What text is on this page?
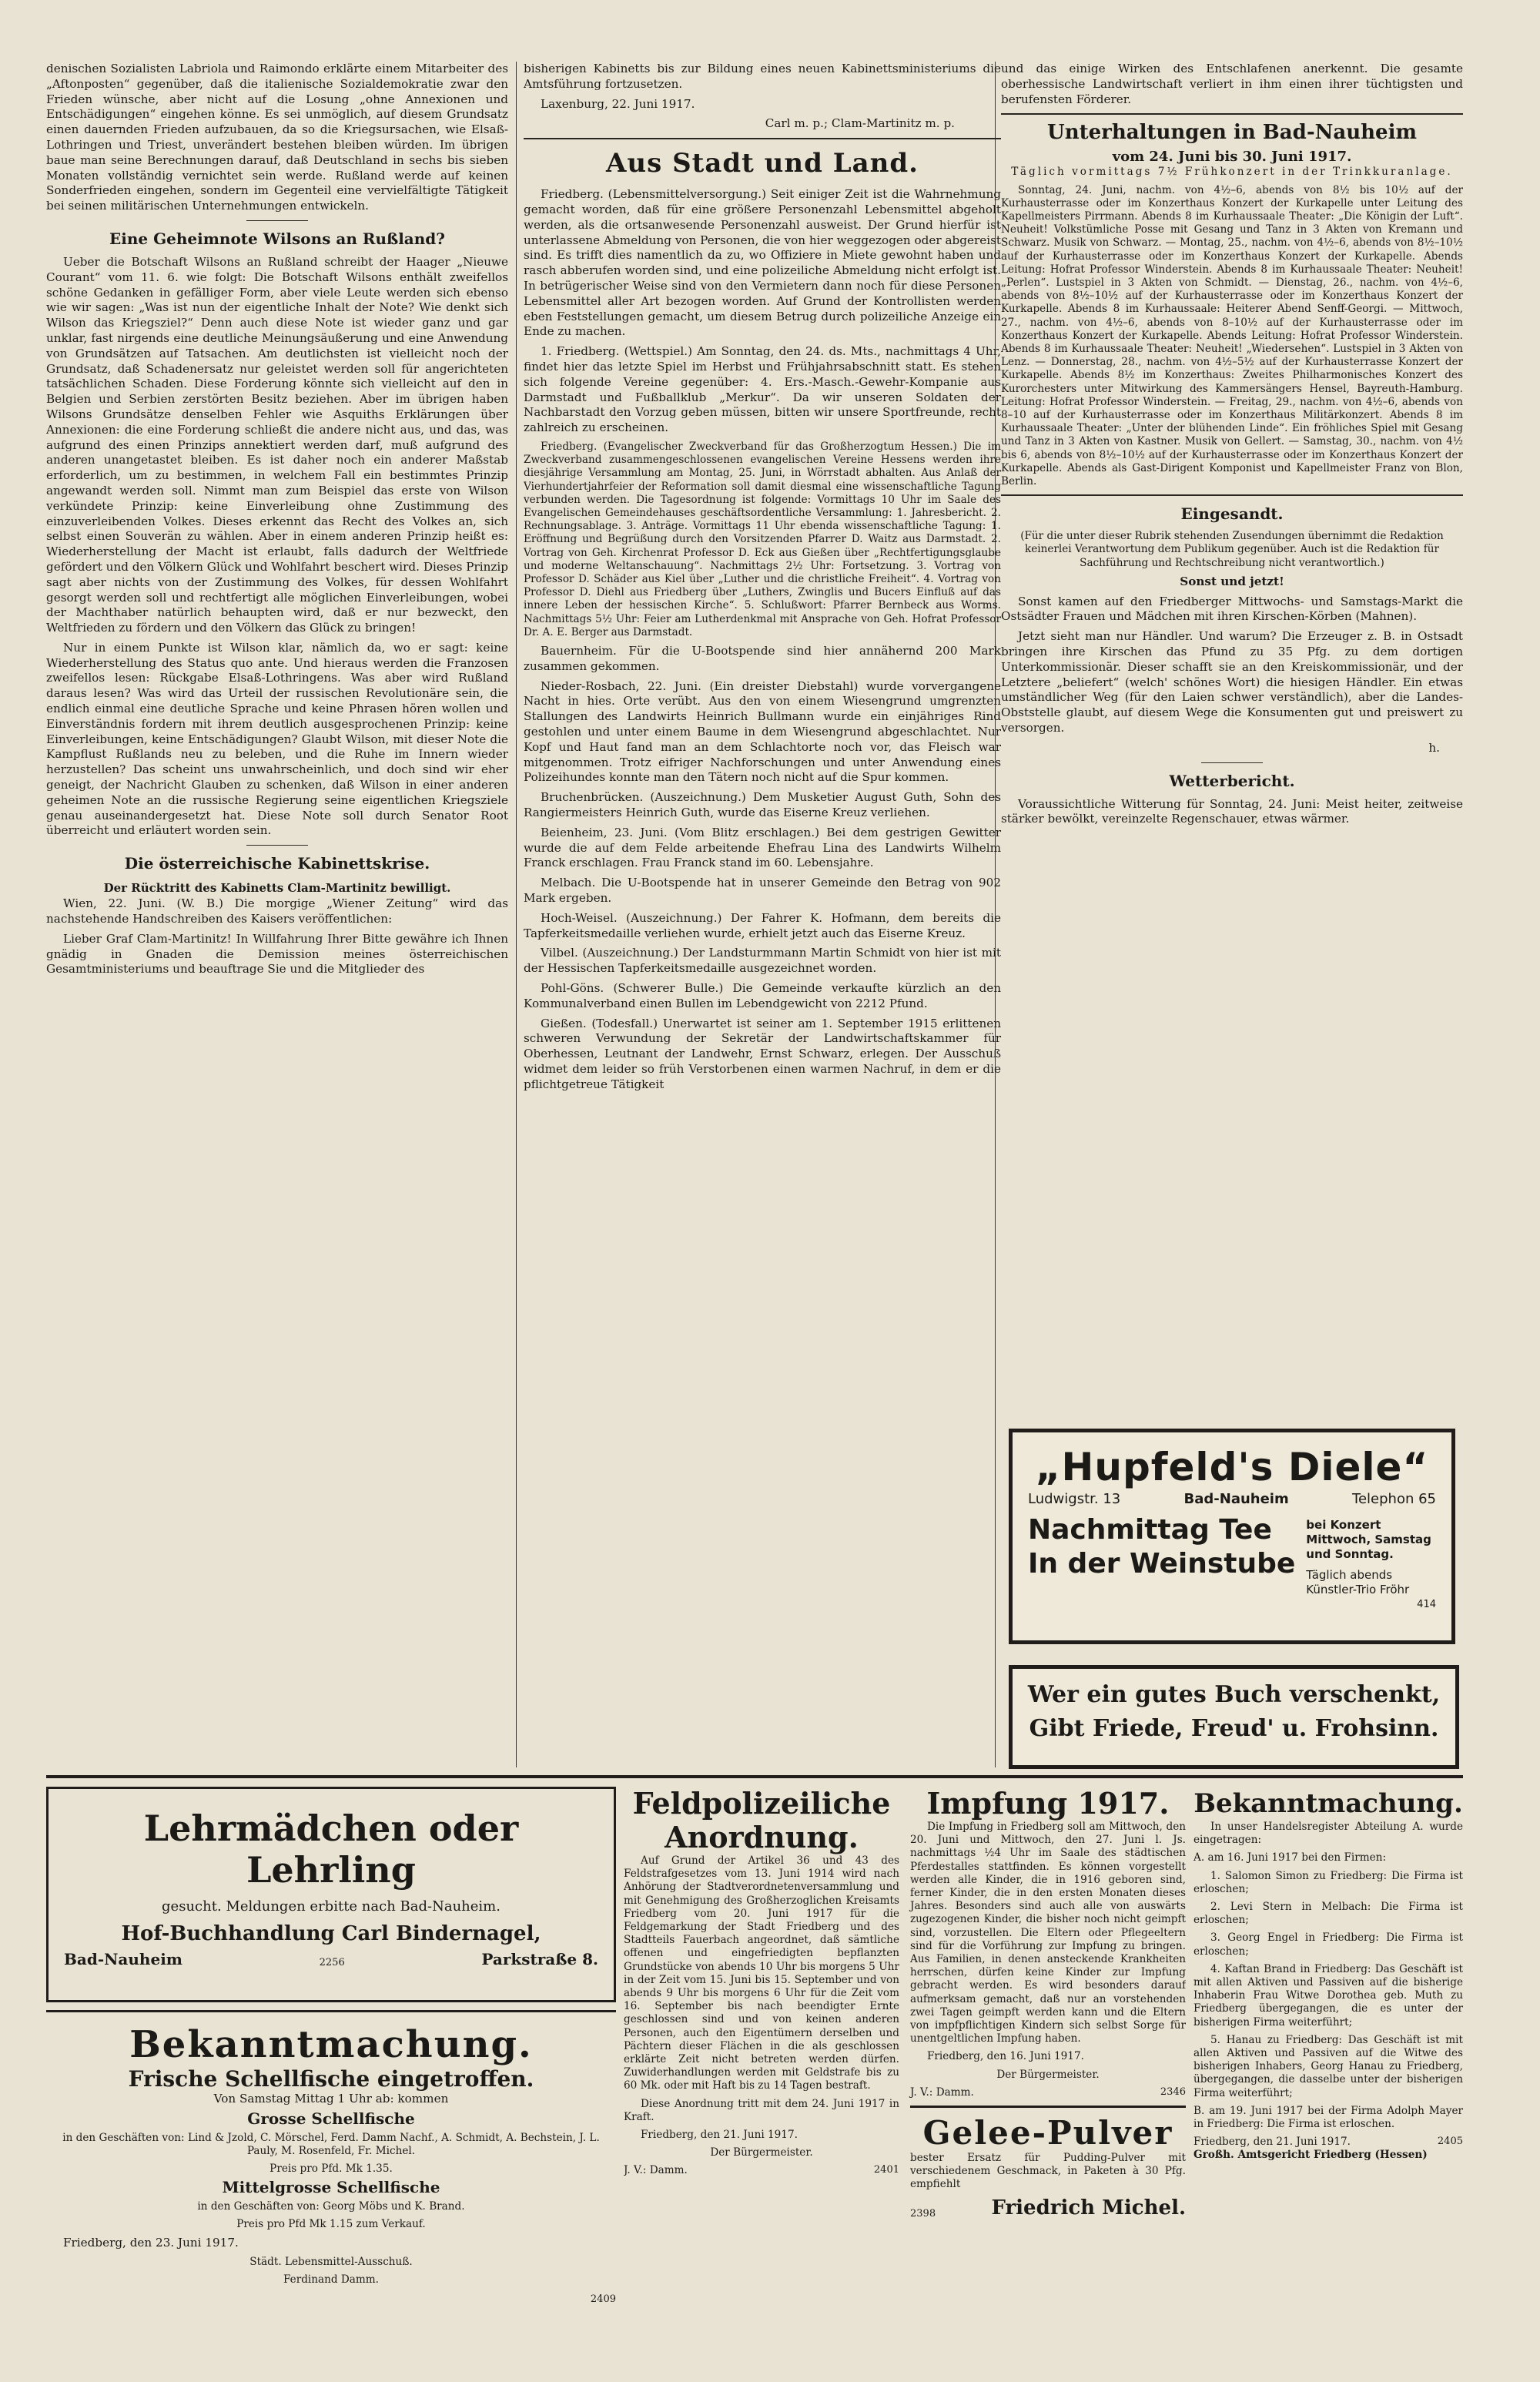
denischen Sozialisten Labriola und Raimondo erklärte einem Mitarbeiter des „Aftonposten“ gegenüber, daß die italienische Sozialdemokratie zwar den Frieden wünsche, aber nicht auf die Losung „ohne Annexionen und Entschädigungen“ eingehen könne. Es sei unmöglich, auf diesem Grundsatz einen dauernden Frieden aufzubauen, da so die Kriegsursachen, wie Elsaß-Lothringen und Triest, unverändert bestehen bleiben würden. Im übrigen baue man seine Berechnungen darauf, daß Deutschland in sechs bis sieben Monaten vollständig vernichtet sein werde. Rußland werde auf keinen Sonderfrieden eingehen, sondern im Gegenteil eine vervielfältigte Tätigkeit bei seinen militärischen Unternehmungen entwickeln.

Eine Geheimnote Wilsons an Rußland?

Ueber die Botschaft Wilsons an Rußland schreibt der Haager „Nieuwe Courant“ vom 11. 6. wie folgt: Die Botschaft Wilsons enthält zweifellos schöne Gedanken in gefälliger Form, aber viele Leute werden sich ebenso wie wir sagen: „Was ist nun der eigentliche Inhalt der Note? Wie denkt sich Wilson das Kriegsziel?“ Denn auch diese Note ist wieder ganz und gar unklar, fast nirgends eine deutliche Meinungsäußerung und eine Anwendung von Grundsätzen auf Tatsachen. Am deutlichsten ist vielleicht noch der Grundsatz, daß Schadenersatz nur geleistet werden soll für angerichteten tatsächlichen Schaden. Diese Forderung könnte sich vielleicht auf den in Belgien und Serbien zerstörten Besitz beziehen. Aber im übrigen haben Wilsons Grundsätze denselben Fehler wie Asquiths Erklärungen über Annexionen: die eine Forderung schließt die andere nicht aus, und das, was aufgrund des einen Prinzips annektiert werden darf, muß aufgrund des anderen unangetastet bleiben. Es ist daher noch ein anderer Maßstab erforderlich, um zu bestimmen, in welchem Fall ein bestimmtes Prinzip angewandt werden soll. Nimmt man zum Beispiel das erste von Wilson verkündete Prinzip: keine Einverleibung ohne Zustimmung des einzuverleibenden Volkes. Dieses erkennt das Recht des Volkes an, sich selbst einen Souverän zu wählen. Aber in einem anderen Prinzip heißt es: Wiederherstellung der Macht ist erlaubt, falls dadurch der Weltfriede gefördert und den Völkern Glück und Wohlfahrt beschert wird. Dieses Prinzip sagt aber nichts von der Zustimmung des Volkes, für dessen Wohlfahrt gesorgt werden soll und rechtfertigt alle möglichen Einverleibungen, wobei der Machthaber natürlich behaupten wird, daß er nur bezweckt, den Weltfrieden zu fördern und den Völkern das Glück zu bringen!

Nur in einem Punkte ist Wilson klar, nämlich da, wo er sagt: keine Wiederherstellung des Status quo ante. Und hieraus werden die Franzosen zweifellos lesen: Rückgabe Elsaß-Lothringens. Was aber wird Rußland daraus lesen? Was wird das Urteil der russischen Revolutionäre sein, die endlich einmal eine deutliche Sprache und keine Phrasen hören wollen und Einverständnis fordern mit ihrem deutlich ausgesprochenen Prinzip: keine Einverleibungen, keine Entschädigungen? Glaubt Wilson, mit dieser Note die Kampflust Rußlands neu zu beleben, und die Ruhe im Innern wieder herzustellen? Das scheint uns unwahrscheinlich, und doch sind wir eher geneigt, der Nachricht Glauben zu schenken, daß Wilson in einer anderen geheimen Note an die russische Regierung seine eigentlichen Kriegsziele genau auseinandergesetzt hat. Diese Note soll durch Senator Root überreicht und erläutert worden sein.

Die österreichische Kabinettskrise.
Der Rücktritt des Kabinetts Clam-Martinitz bewilligt.

Wien, 22. Juni. (W. B.) Die morgige „Wiener Zeitung“ wird das nachstehende Handschreiben des Kaisers veröffentlichen:

Lieber Graf Clam-Martinitz! In Willfahrung Ihrer Bitte gewähre ich Ihnen gnädig in Gnaden die Demission meines österreichischen Gesamtministeriums und beauftrage Sie und die Mitglieder des

bisherigen Kabinetts bis zur Bildung eines neuen Kabinettsministeriums die Amtsführung fortzusetzen.

Laxenburg, 22. Juni 1917.

Carl m. p.; Clam-Martinitz m. p.

Aus Stadt und Land.

Friedberg. (Lebensmittelversorgung.) Seit einiger Zeit ist die Wahrnehmung gemacht worden, daß für eine größere Personenzahl Lebensmittel abgeholt werden, als die ortsanwesende Personenzahl ausweist. Der Grund hierfür ist unterlassene Abmeldung von Personen, die von hier weggezogen oder abgereist sind. Es trifft dies namentlich da zu, wo Offiziere in Miete gewohnt haben und rasch abberufen worden sind, und eine polizeiliche Abmeldung nicht erfolgt ist. In betrügerischer Weise sind von den Vermietern dann noch für diese Personen Lebensmittel aller Art bezogen worden. Auf Grund der Kontrollisten werden eben Feststellungen gemacht, um diesem Betrug durch polizeiliche Anzeige ein Ende zu machen.

1. Friedberg. (Wettspiel.) Am Sonntag, den 24. ds. Mts., nachmittags 4 Uhr, findet hier das letzte Spiel im Herbst und Frühjahrsabschnitt statt. Es stehen sich folgende Vereine gegenüber: 4. Ers.-Masch.-Gewehr-Kompanie aus Darmstadt und Fußballklub „Merkur“. Da wir unseren Soldaten der Nachbarstadt den Vorzug geben müssen, bitten wir unsere Sportfreunde, recht zahlreich zu erscheinen.

Friedberg. (Evangelischer Zweckverband für das Großherzogtum Hessen.) Die im Zweckverband zusammengeschlossenen evangelischen Vereine Hessens werden ihre diesjährige Versammlung am Montag, 25. Juni, in Wörrstadt abhalten. Aus Anlaß der Vierhundertjahrfeier der Reformation soll damit diesmal eine wissenschaftliche Tagung verbunden werden. Die Tagesordnung ist folgende: Vormittags 10 Uhr im Saale des Evangelischen Gemeindehauses geschäftsordentliche Versammlung: 1. Jahresbericht. 2. Rechnungsablage. 3. Anträge. Vormittags 11 Uhr ebenda wissenschaftliche Tagung: 1. Eröffnung und Begrüßung durch den Vorsitzenden Pfarrer D. Waitz aus Darmstadt. 2. Vortrag von Geh. Kirchenrat Professor D. Eck aus Gießen über „Rechtfertigungsglaube und moderne Weltanschauung“. Nachmittags 2½ Uhr: Fortsetzung. 3. Vortrag von Professor D. Schäder aus Kiel über „Luther und die christliche Freiheit“. 4. Vortrag von Professor D. Diehl aus Friedberg über „Luthers, Zwinglis und Bucers Einfluß auf das innere Leben der hessischen Kirche“. 5. Schlußwort: Pfarrer Bernbeck aus Worms. Nachmittags 5½ Uhr: Feier am Lutherdenkmal mit Ansprache von Geh. Hofrat Professor Dr. A. E. Berger aus Darmstadt.

Bauernheim. Für die U-Bootspende sind hier annähernd 200 Mark zusammen gekommen.

Nieder-Rosbach, 22. Juni. (Ein dreister Diebstahl) wurde vorvergangene Nacht in hies. Orte verübt. Aus den von einem Wiesengrund umgrenzten Stallungen des Landwirts Heinrich Bullmann wurde ein einjähriges Rind gestohlen und unter einem Baume in dem Wiesengrund abgeschlachtet. Nur Kopf und Haut fand man an dem Schlachtorte noch vor, das Fleisch war mitgenommen. Trotz eifriger Nachforschungen und unter Anwendung eines Polizeihundes konnte man den Tätern noch nicht auf die Spur kommen.

Bruchenbrücken. (Auszeichnung.) Dem Musketier August Guth, Sohn des Rangiermeisters Heinrich Guth, wurde das Eiserne Kreuz verliehen.

Beienheim, 23. Juni. (Vom Blitz erschlagen.) Bei dem gestrigen Gewitter wurde die auf dem Felde arbeitende Ehefrau Lina des Landwirts Wilhelm Franck erschlagen. Frau Franck stand im 60. Lebensjahre.

Melbach. Die U-Bootspende hat in unserer Gemeinde den Betrag von 902 Mark ergeben.

Hoch-Weisel. (Auszeichnung.) Der Fahrer K. Hofmann, dem bereits die Tapferkeitsmedaille verliehen wurde, erhielt jetzt auch das Eiserne Kreuz.

Vilbel. (Auszeichnung.) Der Landsturmmann Martin Schmidt von hier ist mit der Hessischen Tapferkeitsmedaille ausgezeichnet worden.

Pohl-Göns. (Schwerer Bulle.) Die Gemeinde verkaufte kürzlich an den Kommunalverband einen Bullen im Lebendgewicht von 2212 Pfund.

Gießen. (Todesfall.) Unerwartet ist seiner am 1. September 1915 erlittenen schweren Verwundung der Sekretär der Landwirtschaftskammer für Oberhessen, Leutnant der Landwehr, Ernst Schwarz, erlegen. Der Ausschuß widmet dem leider so früh Verstorbenen einen warmen Nachruf, in dem er die pflichtgetreue Tätigkeit

und das einige Wirken des Entschlafenen anerkennt. Die gesamte oberhessische Landwirtschaft verliert in ihm einen ihrer tüchtigsten und berufensten Förderer.

Unterhaltungen in Bad-Nauheim
vom 24. Juni bis 30. Juni 1917.

Täglich vormittags 7½ Frühkonzert in der Trinkkuranlage.

Sonntag, 24. Juni, nachm. von 4½–6, abends von 8½ bis 10½ auf der Kurhausterrasse oder im Konzerthaus Konzert der Kurkapelle unter Leitung des Kapellmeisters Pirrmann. Abends 8 im Kurhaussaale Theater: „Die Königin der Luft“. Neuheit! Volkstümliche Posse mit Gesang und Tanz in 3 Akten von Kremann und Schwarz. Musik von Schwarz. — Montag, 25., nachm. von 4½–6, abends von 8½–10½ auf der Kurhausterrasse oder im Konzerthaus Konzert der Kurkapelle. Abends Leitung: Hofrat Professor Winderstein. Abends 8 im Kurhaussaale Theater: Neuheit! „Perlen“. Lustspiel in 3 Akten von Schmidt. — Dienstag, 26., nachm. von 4½–6, abends von 8½–10½ auf der Kurhausterrasse oder im Konzerthaus Konzert der Kurkapelle. Abends 8 im Kurhaussaale: Heiterer Abend Senff-Georgi. — Mittwoch, 27., nachm. von 4½–6, abends von 8–10½ auf der Kurhausterrasse oder im Konzerthaus Konzert der Kurkapelle. Abends Leitung: Hofrat Professor Winderstein. Abends 8 im Kurhaussaale Theater: Neuheit! „Wiedersehen“. Lustspiel in 3 Akten von Lenz. — Donnerstag, 28., nachm. von 4½–5½ auf der Kurhausterrasse Konzert der Kurkapelle. Abends 8½ im Konzerthaus: Zweites Philharmonisches Konzert des Kurorchesters unter Mitwirkung des Kammersängers Hensel, Bayreuth-Hamburg. Leitung: Hofrat Professor Winderstein. — Freitag, 29., nachm. von 4½–6, abends von 8–10 auf der Kurhausterrasse oder im Konzerthaus Militärkonzert. Abends 8 im Kurhaussaale Theater: „Unter der blühenden Linde“. Ein fröhliches Spiel mit Gesang und Tanz in 3 Akten von Kastner. Musik von Gellert. — Samstag, 30., nachm. von 4½ bis 6, abends von 8½–10½ auf der Kurhausterrasse oder im Konzerthaus Konzert der Kurkapelle. Abends als Gast-Dirigent Komponist und Kapellmeister Franz von Blon, Berlin.

Eingesandt.

(Für die unter dieser Rubrik stehenden Zusendungen übernimmt die Redaktion keinerlei Verantwortung dem Publikum gegenüber. Auch ist die Redaktion für Sachführung und Rechtschreibung nicht verantwortlich.)

Sonst und jetzt!

Sonst kamen auf den Friedberger Mittwochs- und Samstags-Markt die Ostsädter Frauen und Mädchen mit ihren Kirschen-Körben (Mahnen).

Jetzt sieht man nur Händler. Und warum? Die Erzeuger z. B. in Ostsadt bringen ihre Kirschen das Pfund zu 35 Pfg. zu dem dortigen Unterkommissionär. Dieser schafft sie an den Kreiskommissionär, und der Letztere „beliefert“ (welch' schönes Wort) die hiesigen Händler. Ein etwas umständlicher Weg (für den Laien schwer verständlich), aber die Landes-Obststelle glaubt, auf diesem Wege die Konsumenten gut und preiswert zu versorgen.

h.

Wetterbericht.

Voraussichtliche Witterung für Sonntag, 24. Juni: Meist heiter, zeitweise stärker bewölkt, vereinzelte Regenschauer, etwas wärmer.

„Hupfeld's Diele“
Ludwigstr. 13	Bad-Nauheim	Telephon 65
Nachmittag Tee
In der Weinstube
bei Konzert Mittwoch, Samstag und Sonntag.
Täglich abends Künstler-Trio Fröhr
414
Wer ein gutes Buch verschenkt,
Gibt Friede, Freud' u. Frohsinn.
Lehrmädchen oder Lehrling
gesucht. Meldungen erbitte nach Bad-Nauheim.
Hof-Buchhandlung Carl Bindernagel,
Bad-Nauheim	2256	Parkstraße 8.
Bekanntmachung.
Frische Schellfische eingetroffen.

Von Samstag Mittag 1 Uhr ab: kommen

Grosse Schellfische

in den Geschäften von: Lind & Jzold, C. Mörschel, Ferd. Damm Nachf., A. Schmidt, A. Bechstein, J. L. Pauly, M. Rosenfeld, Fr. Michel.

Preis pro Pfd. Mk 1.35.

Mittelgrosse Schellfische

in den Geschäften von: Georg Möbs und K. Brand.

Preis pro Pfd Mk 1.15 zum Verkauf.

Friedberg, den 23. Juni 1917.

Städt. Lebensmittel-Ausschuß.

Ferdinand Damm.

2409

Feldpolizeiliche
Anordnung.

Auf Grund der Artikel 36 und 43 des Feldstrafgesetzes vom 13. Juni 1914 wird nach Anhörung der Stadtverordnetenversammlung und mit Genehmigung des Großherzoglichen Kreisamts Friedberg vom 20. Juni 1917 für die Feldgemarkung der Stadt Friedberg und des Stadtteils Fauerbach angeordnet, daß sämtliche offenen und eingefriedigten bepflanzten Grundstücke von abends 10 Uhr bis morgens 5 Uhr in der Zeit vom 15. Juni bis 15. September und von abends 9 Uhr bis morgens 6 Uhr für die Zeit vom 16. September bis nach beendigter Ernte geschlossen sind und von keinen anderen Personen, auch den Eigentümern derselben und Pächtern dieser Flächen in die als geschlossen erklärte Zeit nicht betreten werden dürfen. Zuwiderhandlungen werden mit Geldstrafe bis zu 60 Mk. oder mit Haft bis zu 14 Tagen bestraft.

Diese Anordnung tritt mit dem 24. Juni 1917 in Kraft.

Friedberg, den 21. Juni 1917.

Der Bürgermeister.

J. V.: Damm.	2401
Impfung 1917.

Die Impfung in Friedberg soll am Mittwoch, den 20. Juni und Mittwoch, den 27. Juni l. Js. nachmittags ½4 Uhr im Saale des städtischen Pferdestalles stattfinden. Es können vorgestellt werden alle Kinder, die in 1916 geboren sind, ferner Kinder, die in den ersten Monaten dieses Jahres. Besonders sind auch alle von auswärts zugezogenen Kinder, die bisher noch nicht geimpft sind, vorzustellen. Die Eltern oder Pflegeeltern sind für die Vorführung zur Impfung zu bringen. Aus Familien, in denen ansteckende Krankheiten herrschen, dürfen keine Kinder zur Impfung gebracht werden. Es wird besonders darauf aufmerksam gemacht, daß nur an vorstehenden zwei Tagen geimpft werden kann und die Eltern von impfpflichtigen Kindern sich selbst Sorge für unentgeltlichen Impfung haben.

Friedberg, den 16. Juni 1917.

Der Bürgermeister.

J. V.: Damm.	2346
Gelee-Pulver

bester Ersatz für Pudding-Pulver mit verschiedenem Geschmack, in Paketen à 30 Pfg. empfiehlt

2398	Friedrich Michel.
Bekanntmachung.

In unser Handelsregister Abteilung A. wurde eingetragen:

A. am 16. Juni 1917 bei den Firmen:

1. Salomon Simon zu Friedberg: Die Firma ist erloschen;

2. Levi Stern in Melbach: Die Firma ist erloschen;

3. Georg Engel in Friedberg: Die Firma ist erloschen;

4. Kaftan Brand in Friedberg: Das Geschäft ist mit allen Aktiven und Passiven auf die bisherige Inhaberin Frau Witwe Dorothea geb. Muth zu Friedberg übergegangen, die es unter der bisherigen Firma weiterführt;

5. Hanau zu Friedberg: Das Geschäft ist mit allen Aktiven und Passiven auf die Witwe des bisherigen Inhabers, Georg Hanau zu Friedberg, übergegangen, die dasselbe unter der bisherigen Firma weiterführt;

B. am 19. Juni 1917 bei der Firma Adolph Mayer in Friedberg: Die Firma ist erloschen.

Friedberg, den 21. Juni 1917.	2405

Großh. Amtsgericht Friedberg (Hessen)
